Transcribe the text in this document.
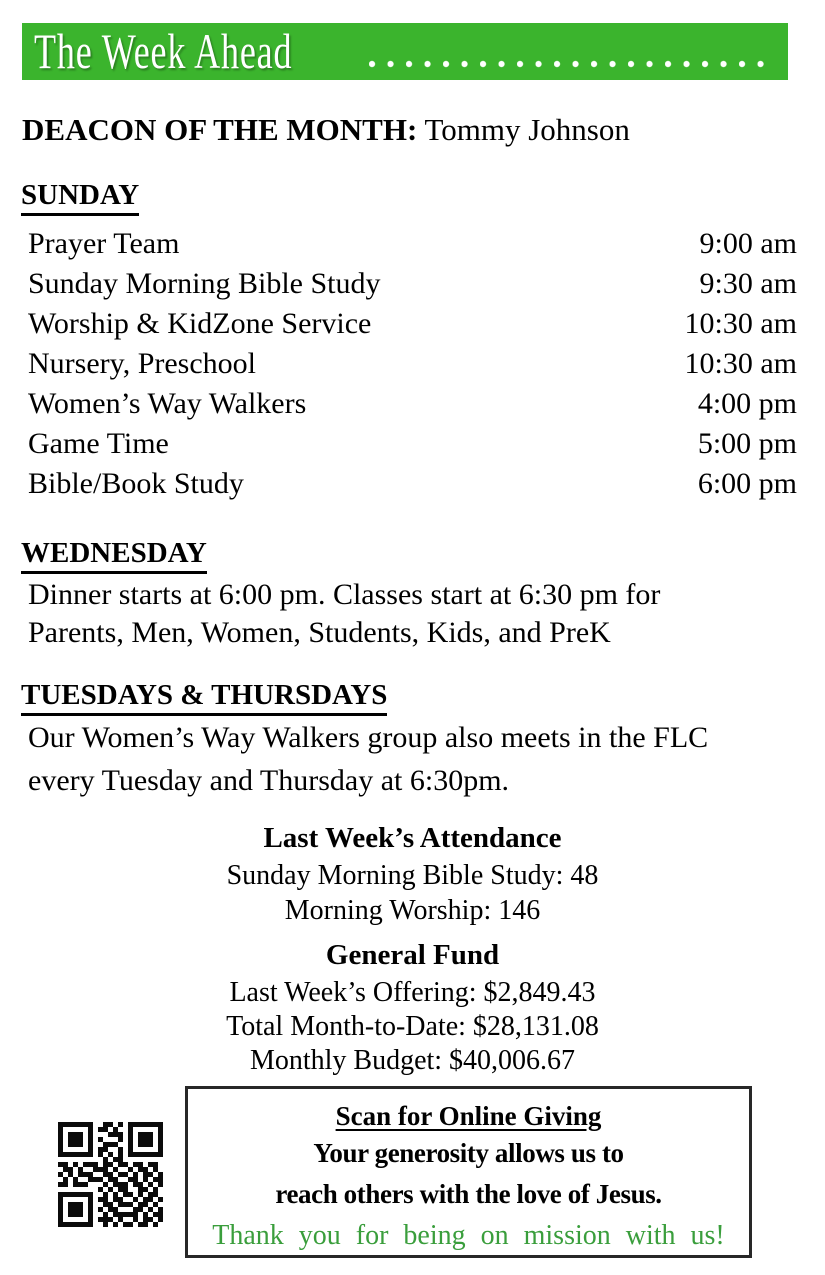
The Week Ahead
DEACON OF THE MONTH: Tommy Johnson
SUNDAY
Prayer Team	9:00 am
Sunday Morning Bible Study	9:30 am
Worship & KidZone Service	10:30 am
Nursery, Preschool	10:30 am
Women’s Way Walkers	4:00 pm
Game Time	5:00 pm
Bible/Book Study	6:00 pm
WEDNESDAY
Dinner starts at 6:00 pm. Classes start at 6:30 pm for
Parents, Men, Women, Students, Kids, and PreK
TUESDAYS & THURSDAYS
Our Women’s Way Walkers group also meets in the FLC
every Tuesday and Thursday at 6:30pm.
Last Week’s Attendance
Sunday Morning Bible Study: 48
Morning Worship: 146
General Fund
Last Week’s Offering: $2,849.43
Total Month-to-Date: $28,131.08
Monthly Budget: $40,006.67
Scan for Online Giving
Your generosity allows us to
reach others with the love of Jesus.
Thank you for being on mission with us!
